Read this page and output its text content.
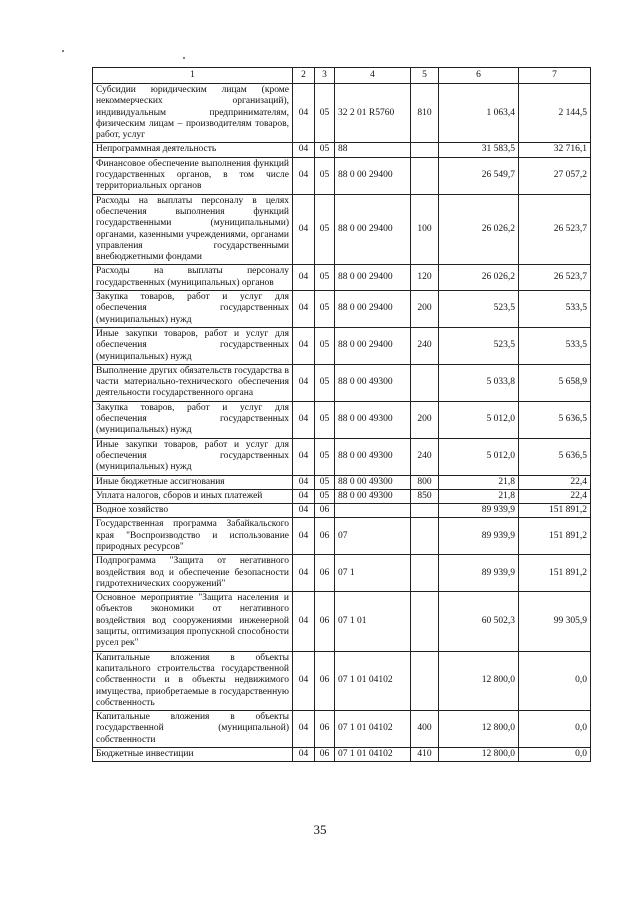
1	2	3	4	5	6	7
Субсидии юридическим лицам (кроме некоммерческих организаций), индивидуальным предпринимателям, физическим лицам – производителям товаров, работ, услуг	04	05	32 2 01 R5760	810	1 063,4	2 144,5
Непрограммная деятельность	04	05	88		31 583,5	32 716,1
Финансовое обеспечение выполнения функций государственных органов, в том числе территориальных органов	04	05	88 0 00 29400		26 549,7	27 057,2
Расходы на выплаты персоналу в целях обеспечения выполнения функций государственными (муниципальными) органами, казенными учреждениями, органами управления государственными внебюджетными фондами	04	05	88 0 00 29400	100	26 026,2	26 523,7
Расходы на выплаты персоналу государственных (муниципальных) органов	04	05	88 0 00 29400	120	26 026,2	26 523,7
Закупка товаров, работ и услуг для обеспечения государственных (муниципальных) нужд	04	05	88 0 00 29400	200	523,5	533,5
Иные закупки товаров, работ и услуг для обеспечения государственных (муниципальных) нужд	04	05	88 0 00 29400	240	523,5	533,5
Выполнение других обязательств государства в части материально-технического обеспечения деятельности государственного органа	04	05	88 0 00 49300		5 033,8	5 658,9
Закупка товаров, работ и услуг для обеспечения государственных (муниципальных) нужд	04	05	88 0 00 49300	200	5 012,0	5 636,5
Иные закупки товаров, работ и услуг для обеспечения государственных (муниципальных) нужд	04	05	88 0 00 49300	240	5 012,0	5 636,5
Иные бюджетные ассигнования	04	05	88 0 00 49300	800	21,8	22,4
Уплата налогов, сборов и иных платежей	04	05	88 0 00 49300	850	21,8	22,4
Водное хозяйство	04	06			89 939,9	151 891,2
Государственная программа Забайкальского края "Воспроизводство и использование природных ресурсов"	04	06	07		89 939,9	151 891,2
Подпрограмма "Защита от негативного воздействия вод и обеспечение безопасности гидротехнических сооружений"	04	06	07 1		89 939,9	151 891,2
Основное мероприятие "Защита населения и объектов экономики от негативного воздействия вод сооружениями инженерной защиты, оптимизация пропускной способности русел рек"	04	06	07 1 01		60 502,3	99 305,9
Капитальные вложения в объекты капитального строительства государственной собственности и в объекты недвижимого имущества, приобретаемые в государственную собственность	04	06	07 1 01 04102		12 800,0	0,0
Капитальные вложения в объекты государственной (муниципальной) собственности	04	06	07 1 01 04102	400	12 800,0	0,0
Бюджетные инвестиции	04	06	07 1 01 04102	410	12 800,0	0,0
35
